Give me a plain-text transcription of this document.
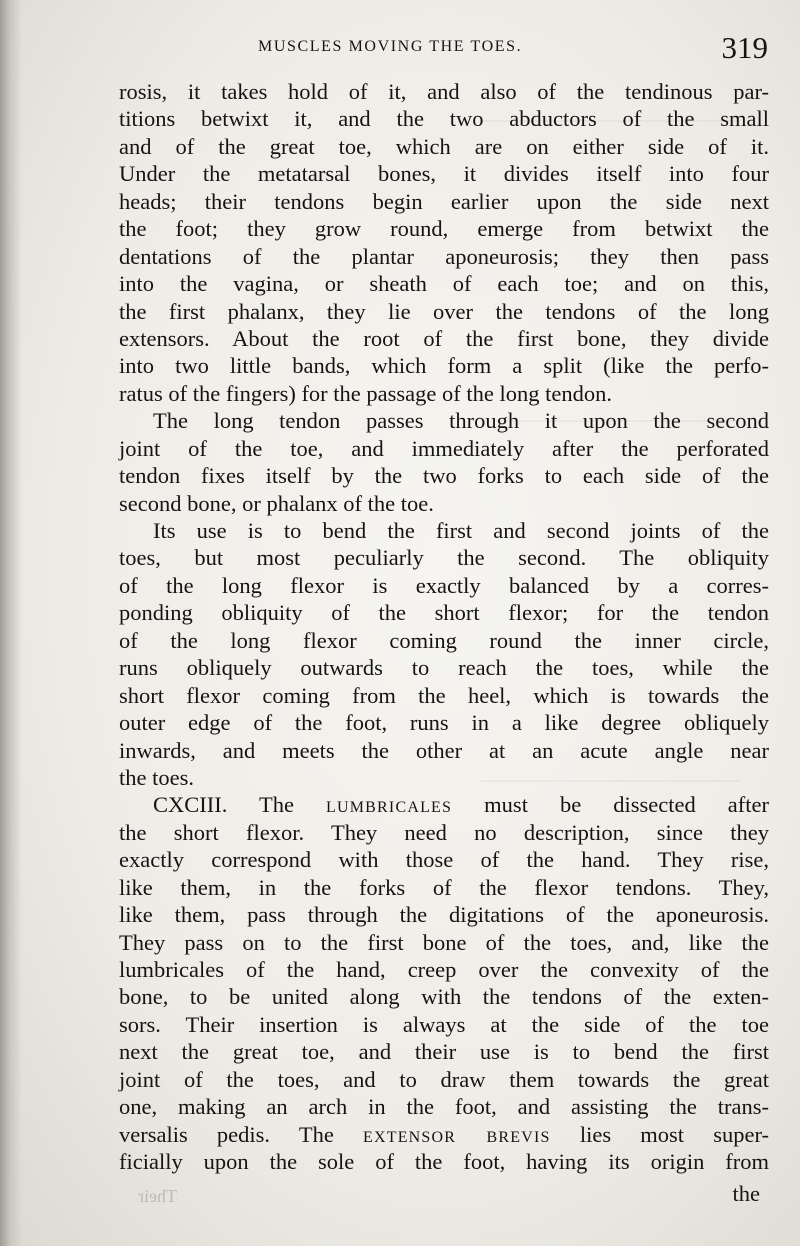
MUSCLES MOVING THE TOES.	319
rosis, it takes hold of it, and also of the tendinous par-
titions betwixt it, and the two abductors of the small
and of the great toe, which are on either side of it.
Under the metatarsal bones, it divides itself into four
heads; their tendons begin earlier upon the side next
the foot; they grow round, emerge from betwixt the
dentations of the plantar aponeurosis; they then pass
into the vagina, or sheath of each toe; and on this,
the first phalanx, they lie over the tendons of the long
extensors. About the root of the first bone, they divide
into two little bands, which form a split (like the perfo-
ratus of the fingers) for the passage of the long tendon.
The long tendon passes through it upon the second
joint of the toe, and immediately after the perforated
tendon fixes itself by the two forks to each side of the
second bone, or phalanx of the toe.
Its use is to bend the first and second joints of the
toes, but most peculiarly the second. The obliquity
of the long flexor is exactly balanced by a corres-
ponding obliquity of the short flexor; for the tendon
of the long flexor coming round the inner circle,
runs obliquely outwards to reach the toes, while the
short flexor coming from the heel, which is towards the
outer edge of the foot, runs in a like degree obliquely
inwards, and meets the other at an acute angle near
the toes.
CXCIII. The lumbricales must be dissected after
the short flexor. They need no description, since they
exactly correspond with those of the hand. They rise,
like them, in the forks of the flexor tendons. They,
like them, pass through the digitations of the aponeurosis.
They pass on to the first bone of the toes, and, like the
lumbricales of the hand, creep over the convexity of the
bone, to be united along with the tendons of the exten-
sors. Their insertion is always at the side of the toe
next the great toe, and their use is to bend the first
joint of the toes, and to draw them towards the great
one, making an arch in the foot, and assisting the trans-
versalis pedis. The extensor brevis lies most super-
ficially upon the sole of the foot, having its origin from
the
Their
